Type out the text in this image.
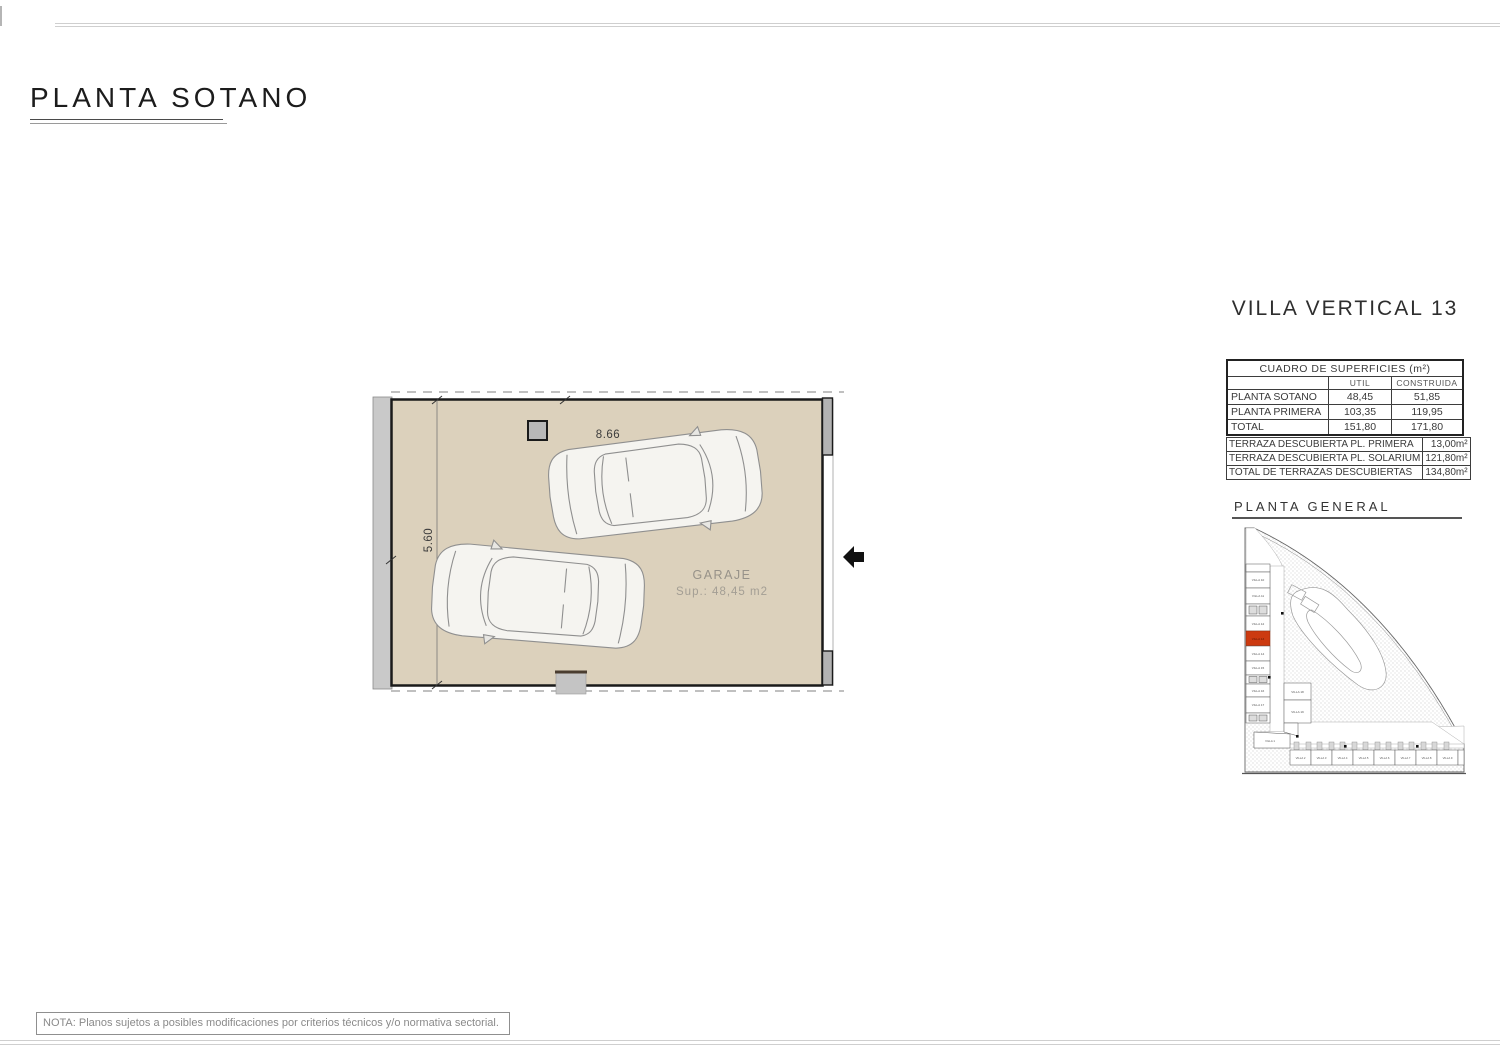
PLANTA SOTANO
8.66
5.60
GARAJE
Sup.: 48,45 m2
VILLA VERTICAL 13
CUADRO DE SUPERFICIES (m²)		
	UTIL	CONSTRUIDA
PLANTA SOTANO	48,45	51,85
PLANTA PRIMERA	103,35	119,95
TOTAL	151,80	171,80
TERRAZA DESCUBIERTA PL. PRIMERA	13,00m²
TERRAZA DESCUBIERTA PL. SOLARIUM	121,80m²
TOTAL DE TERRAZAS DESCUBIERTAS	134,80m²
PLANTA GENERAL
VILLA 10
VILLA 11
VILLA 12
VILLA 13
VILLA 14
VILLA 15
VILLA 16
VILLA 17
VILLA 18
VILLA 19
VILLA 1
VILLA 2	VILLA 3	VILLA 4	VILLA 5	VILLA 6	VILLA 7	VILLA 8	VILLA 9
NOTA: Planos sujetos a posibles modificaciones por criterios técnicos y/o normativa sectorial.
